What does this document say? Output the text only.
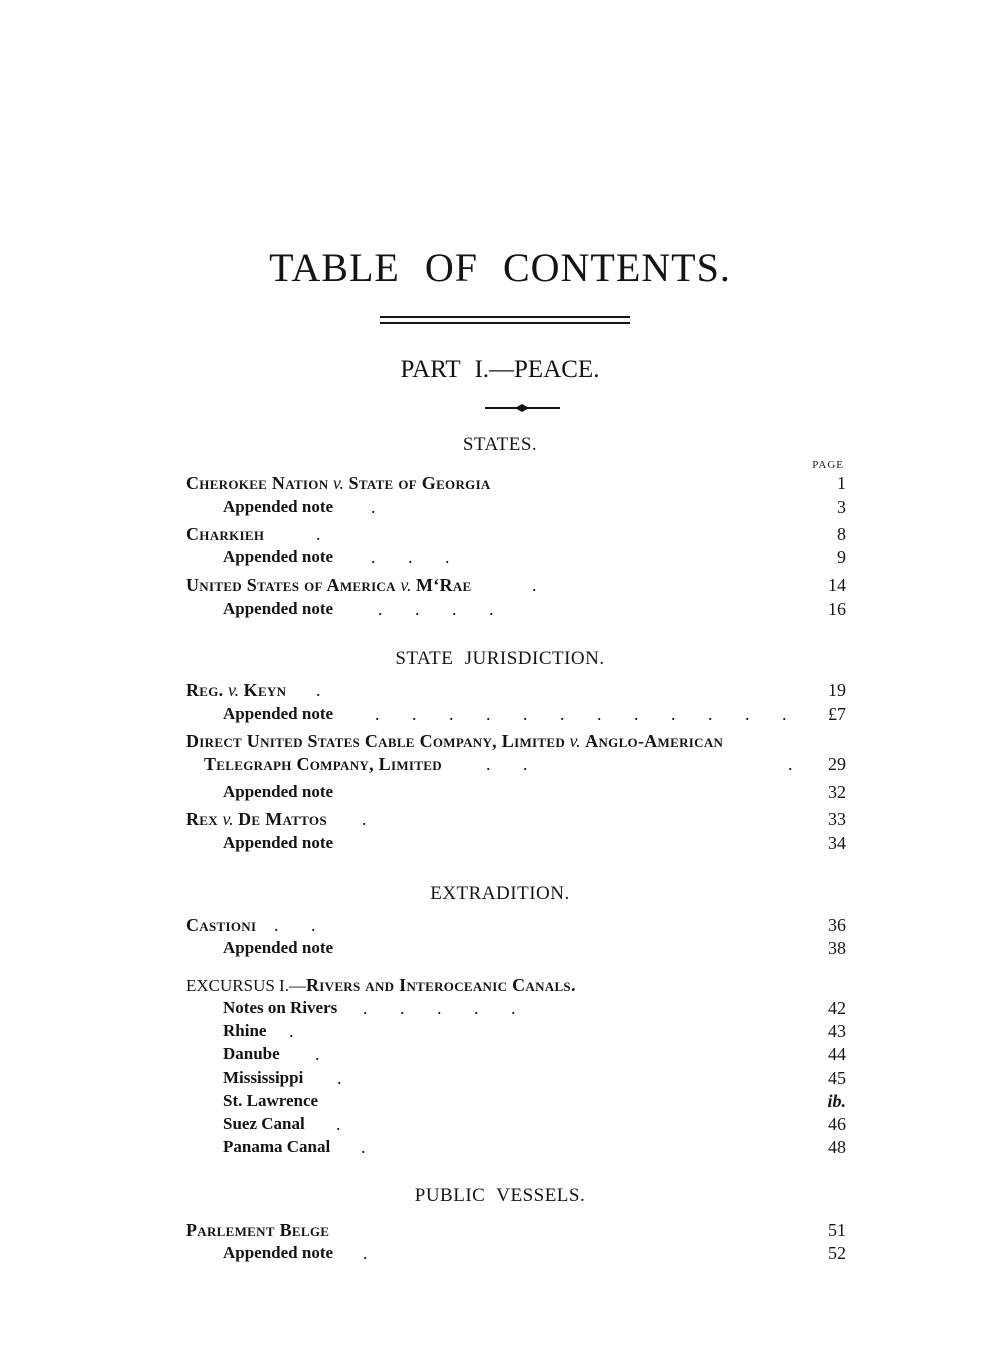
TABLE OF CONTENTS.
PART I.—PEACE.
STATES.
PAGE
Cherokee Nation v. State of Georgia	1
Appended note .	3
Charkieh	.	8
Appended note . . .	9
United States of America v. M‘Rae	.	14
Appended note . . . .	16
STATE JURISDICTION.
Reg. v. Keyn .	19
Appended note . . . . . . . . . . . . £7
Direct United States Cable Company, Limited v. Anglo-American
Telegraph Company, Limited . .	. 29
Appended note	32
Rex v. De Mattos .	33
Appended note	34
EXTRADITION.
Castioni . .	36
Appended note	38
EXCURSUS I.—Rivers and Interoceanic Canals.
Notes on Rivers . . . . .	42
Rhine .	43
Danube .	44
Mississippi .	45
St. Lawrence	ib.
Suez Canal .	46
Panama Canal .	48
PUBLIC VESSELS.
Parlement Belge	51
Appended note .	52
